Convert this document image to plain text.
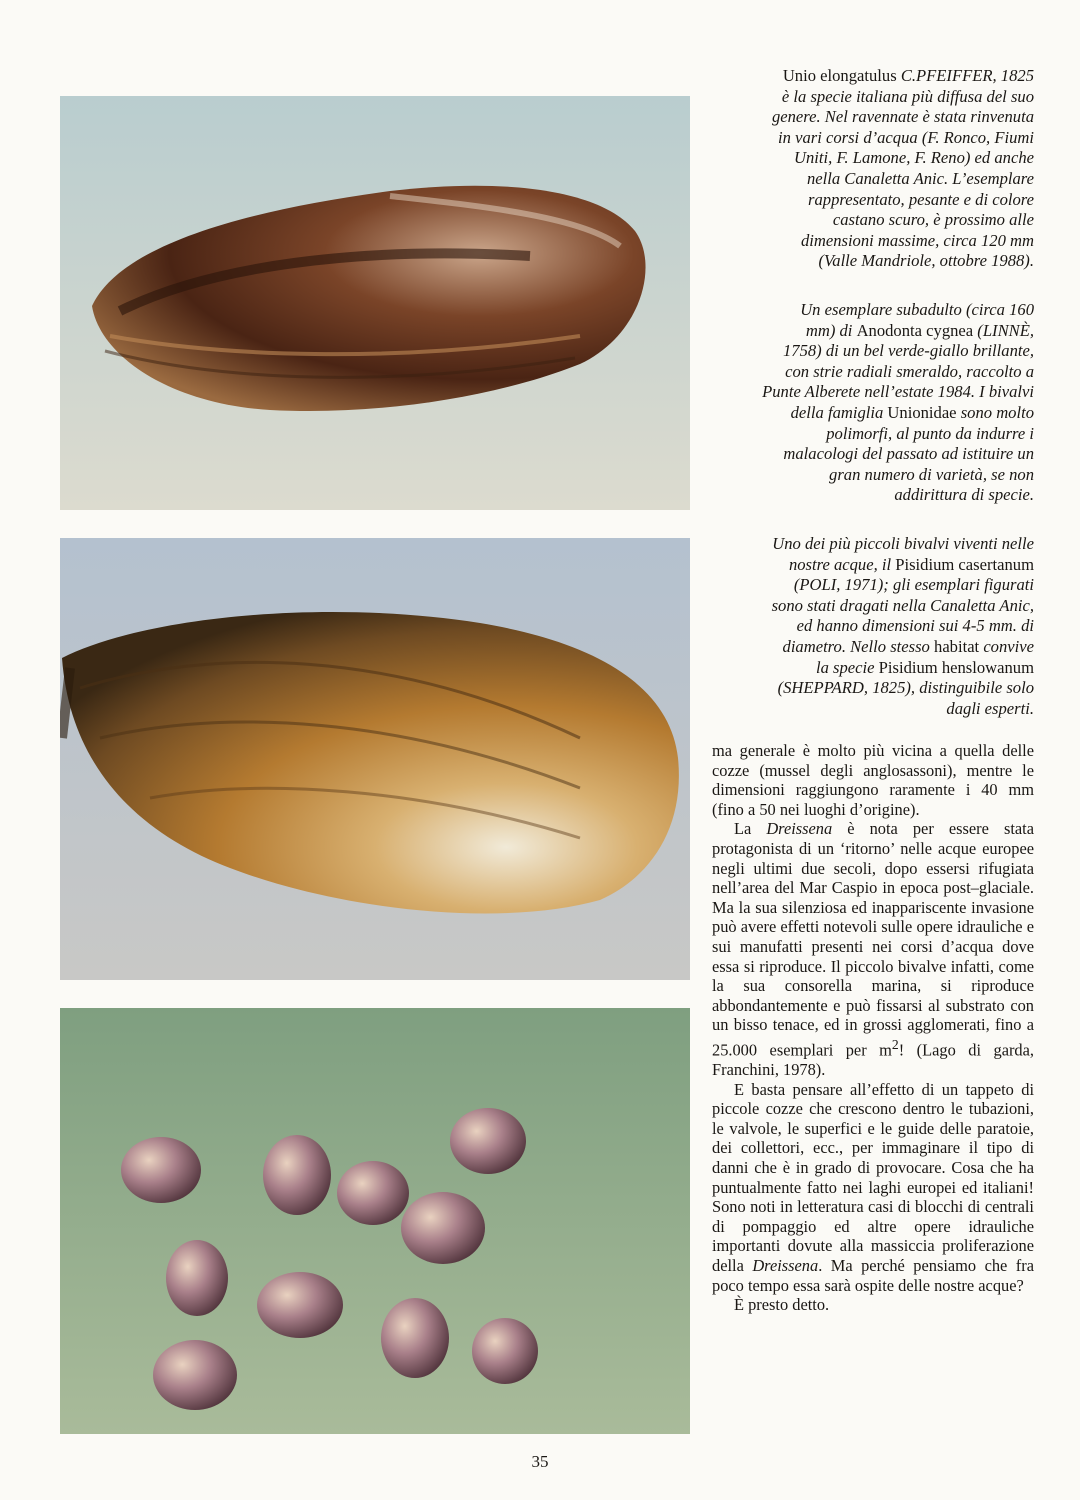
Unio elongatulus C.PFEIFFER, 1825
è la specie italiana più diffusa del suo
genere. Nel ravennate è stata rinvenuta
in vari corsi d’acqua (F. Ronco, Fiumi
Uniti, F. Lamone, F. Reno) ed anche
nella Canaletta Anic. L’esemplare
rappresentato, pesante e di colore
castano scuro, è prossimo alle
dimensioni massime, circa 120 mm
(Valle Mandriole, ottobre 1988).
Un esemplare subadulto (circa 160
mm) di Anodonta cygnea (LINNÈ,
1758) di un bel verde-giallo brillante,
con strie radiali smeraldo, raccolto a
Punte Alberete nell’estate 1984. I bivalvi
della famiglia Unionidae sono molto
polimorfi, al punto da indurre i
malacologi del passato ad istituire un
gran numero di varietà, se non
addirittura di specie.
Uno dei più piccoli bivalvi viventi nelle
nostre acque, il Pisidium casertanum
(POLI, 1971); gli esemplari figurati
sono stati dragati nella Canaletta Anic,
ed hanno dimensioni sui 4-5 mm. di
diametro. Nello stesso habitat convive
la specie Pisidium henslowanum
(SHEPPARD, 1825), distinguibile solo
dagli esperti.

ma generale è molto più vicina a quella delle cozze (mussel degli anglosassoni), mentre le dimensioni raggiungono raramente i 40 mm (fino a 50 nei luoghi d’origine).

La Dreissena è nota per essere stata protagonista di un ‘ritorno’ nelle acque europee negli ultimi due secoli, dopo essersi rifugiata nell’area del Mar Caspio in epoca post–glaciale. Ma la sua silenziosa ed inappariscente invasione può avere effetti notevoli sulle opere idrauliche e sui manufatti presenti nei corsi d’acqua dove essa si riproduce. Il piccolo bivalve infatti, come la sua consorella marina, si riproduce abbondantemente e può fissarsi al substrato con un bisso tenace, ed in grossi agglomerati, fino a 25.000 esemplari per $m^2$! (Lago di garda, Franchini, 1978).

E basta pensare all’effetto di un tappeto di piccole cozze che crescono dentro le tubazioni, le valvole, le superfici e le guide delle paratoie, dei collettori, ecc., per immaginare il tipo di danni che è in grado di provocare. Cosa che ha puntualmente fatto nei laghi europei ed italiani! Sono noti in letteratura casi di blocchi di centrali di pompaggio ed altre opere idrauliche importanti dovute alla massiccia proliferazione della Dreissena. Ma perché pensiamo che fra poco tempo essa sarà ospite delle nostre acque?

È presto detto.

35
